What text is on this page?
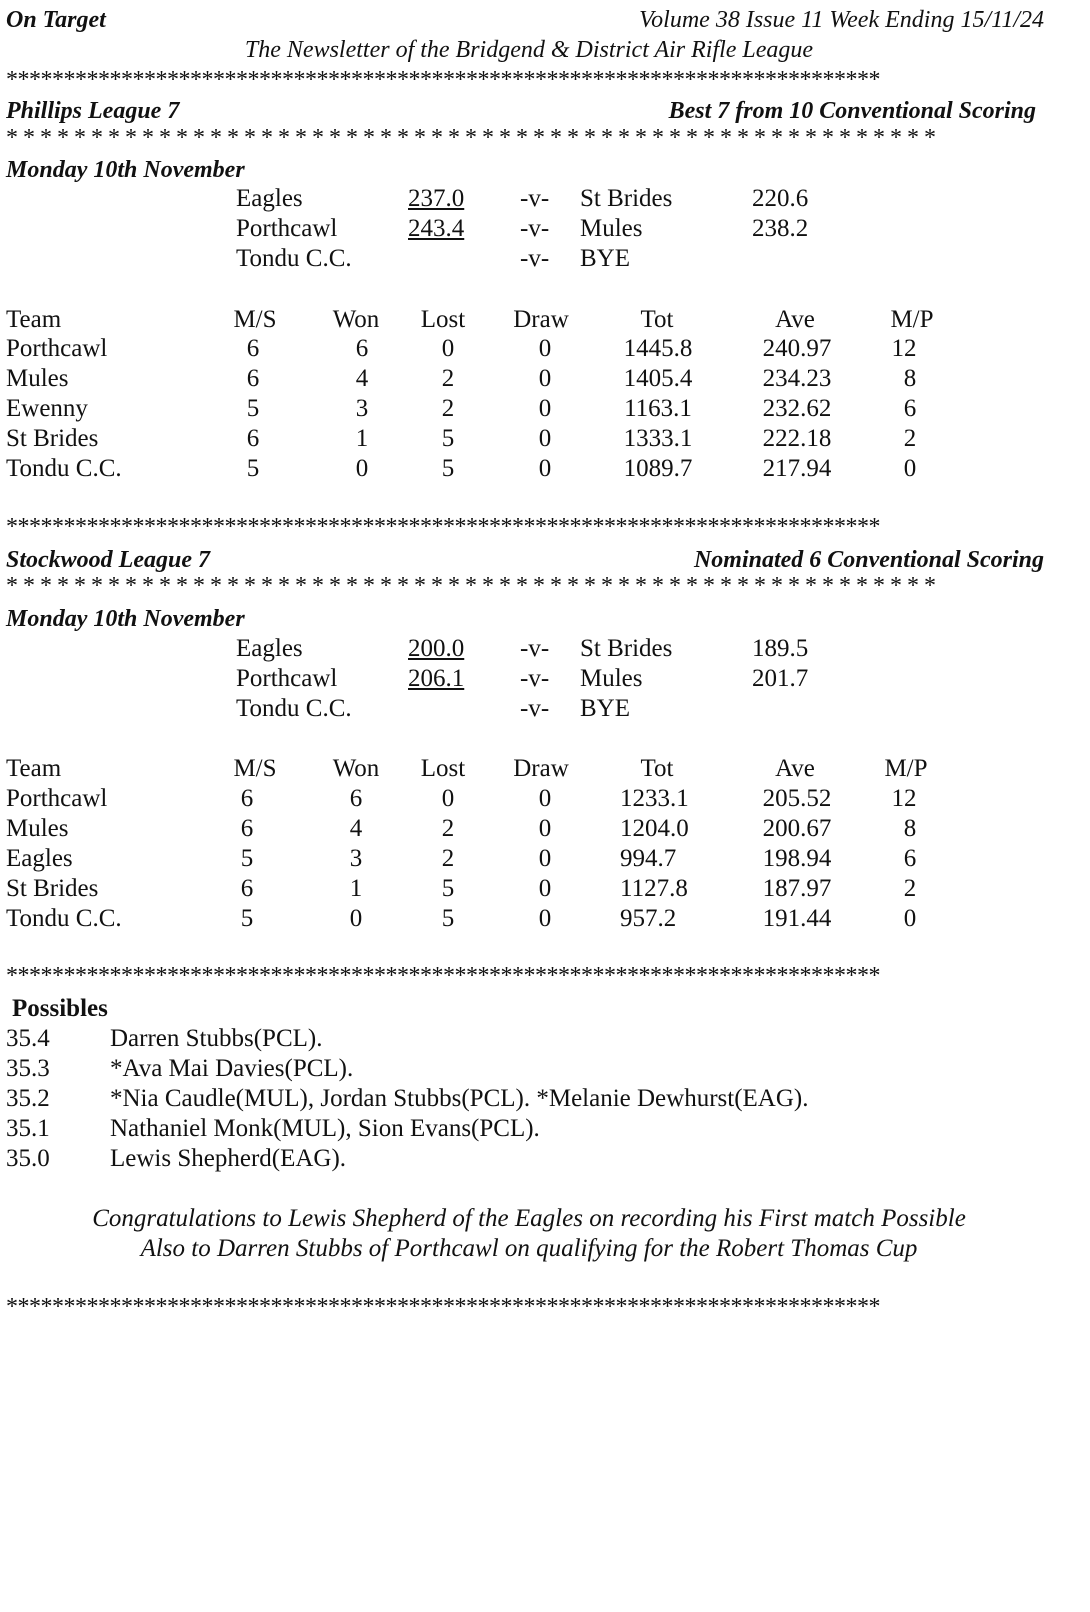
On Target	Volume 38 Issue 11 Week Ending 15/11/24
The Newsletter of the Bridgend & District Air Rifle League
****************************************************************************
Phillips League 7	Best 7 from 10 Conventional Scoring
* * * * * * * * * * * * * * * * * * * * * * * * * * * * * * * * * * * * * * * * * * * * * * * * * * * * * * *
Monday 10th November
Eagles	237.0 -v- St Brides	220.6
Porthcawl	243.4 -v- Mules	238.2
Tondu C.C.	-v- BYE
Team	M/S Won Lost Draw	Tot	Ave	M/P
Porthcawl	6	6	0	0	1445.8	240.97 12
Mules	6	4	2	0	1405.4	234.23	8
Ewenny	5	3	2	0	1163.1	232.62	6
St Brides	6	1	5	0	1333.1	222.18	2
Tondu C.C.	5	0	5	0	1089.7	217.94	0
****************************************************************************
Stockwood League 7	Nominated 6 Conventional Scoring
* * * * * * * * * * * * * * * * * * * * * * * * * * * * * * * * * * * * * * * * * * * * * * * * * * * * * * *
Monday 10th November
Eagles	200.0 -v- St Brides	189.5
Porthcawl	206.1 -v- Mules	201.7
Tondu C.C.	-v- BYE
Team	M/S Won Lost Draw	Tot	Ave	M/P
Porthcawl	6	6	0	0	1233.1	205.52 12
Mules	6	4	2	0	1204.0	200.67	8
Eagles	5	3	2	0	994.7	198.94	6
St Brides	6	1	5	0	1127.8	187.97	2
Tondu C.C.	5	0	5	0	957.2	191.44	0
****************************************************************************
Possibles
35.4 Darren Stubbs(PCL).
35.3 *Ava Mai Davies(PCL).
35.2 *Nia Caudle(MUL), Jordan Stubbs(PCL). *Melanie Dewhurst(EAG).
35.1 Nathaniel Monk(MUL), Sion Evans(PCL).
35.0 Lewis Shepherd(EAG).
Congratulations to Lewis Shepherd of the Eagles on recording his First match Possible
Also to Darren Stubbs of Porthcawl on qualifying for the Robert Thomas Cup
****************************************************************************
